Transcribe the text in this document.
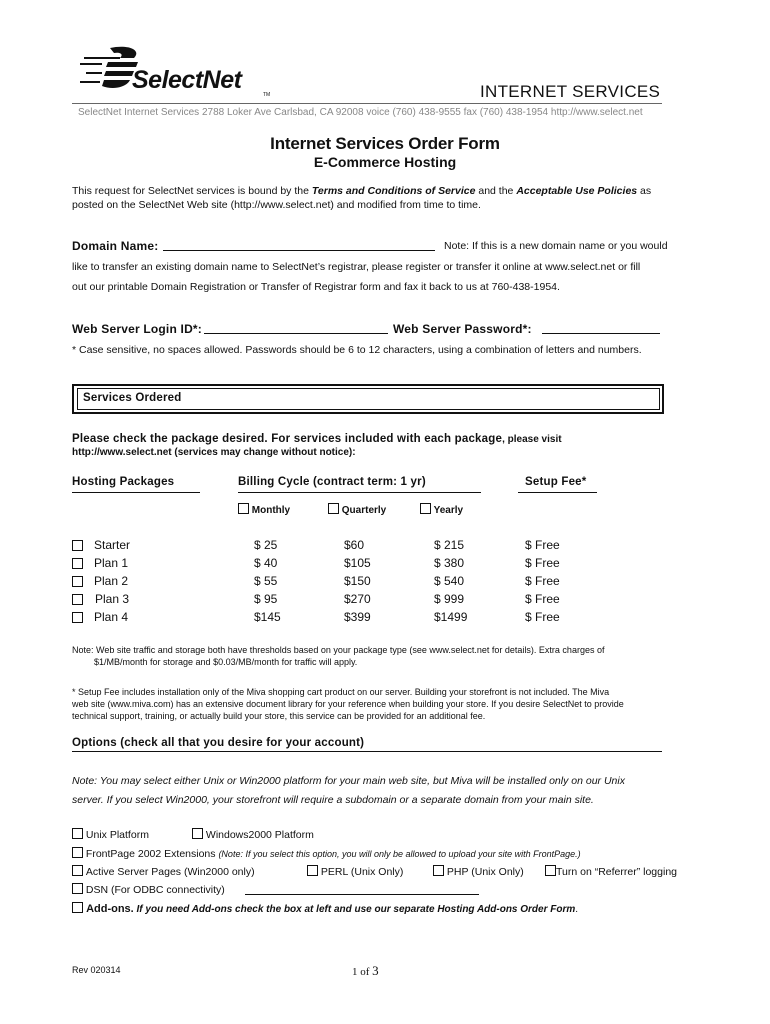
SelectNet
TM	INTERNET SERVICES
SelectNet Internet Services 2788 Loker Ave Carlsbad, CA 92008 voice (760) 438-9555 fax (760) 438-1954 http://www.select.net
Internet Services Order Form
E-Commerce Hosting
This request for SelectNet services is bound by the Terms and Conditions of Service and the Acceptable Use Policies as
posted on the SelectNet Web site (http://www.select.net) and modified from time to time.
Domain Name:	Note: If this is a new domain name or you would
like to transfer an existing domain name to SelectNet’s registrar, please register or transfer it online at www.select.net or fill
out our printable Domain Registration or Transfer of Registrar form and fax it back to us at 760-438-1954.
Web Server Login ID*:	Web Server Password*:
* Case sensitive, no spaces allowed. Passwords should be 6 to 12 characters, using a combination of letters and numbers.
Services Ordered
Please check the package desired. For services included with each package, please visit
http://www.select.net (services may change without notice):
Hosting Packages	Billing Cycle (contract term: 1 yr)	Setup Fee*
Monthly	Quarterly	Yearly
Starter	$ 25	$60	$ 215	$ Free
Plan 1	$ 40	$105	$ 380	$ Free
Plan 2	$ 55	$150	$ 540	$ Free
Plan 3	$ 95	$270	$ 999	$ Free
Plan 4	$145	$399	$1499	$ Free
Note: Web site traffic and storage both have thresholds based on your package type (see www.select.net for details). Extra charges of
$1/MB/month for storage and $0.03/MB/month for traffic will apply.
* Setup Fee includes installation only of the Miva shopping cart product on our server. Building your storefront is not included. The Miva
web site (www.miva.com) has an extensive document library for your reference when building your store. If you desire SelectNet to provide
technical support, training, or actually build your store, this service can be provided for an additional fee.
Options (check all that you desire for your account)
Note: You may select either Unix or Win2000 platform for your main web site, but Miva will be installed only on our Unix
server. If you select Win2000, your storefront will require a subdomain or a separate domain from your main site.
Unix Platform	Windows2000 Platform
FrontPage 2002 Extensions (Note: If you select this option, you will only be allowed to upload your site with FrontPage.)
Active Server Pages (Win2000 only)	PERL (Unix Only)	PHP (Unix Only)	Turn on “Referrer” logging
DSN (For ODBC connectivity)
Add-ons. If you need Add-ons check the box at left and use our separate Hosting Add-ons Order Form.
Rev 020314	1 of 3
